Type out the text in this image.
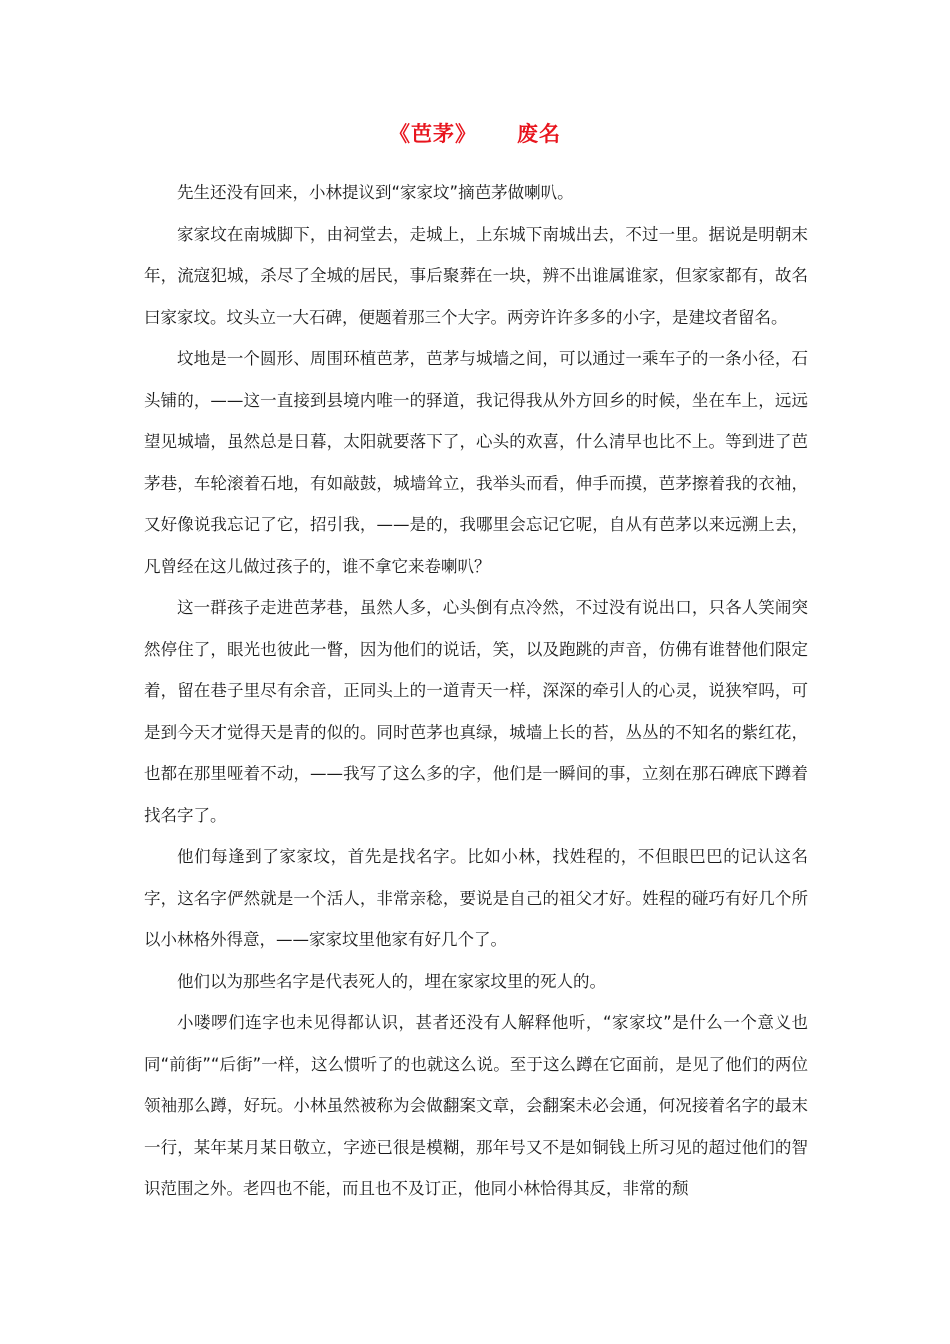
《芭茅》 废名

先生还没有回来，小林提议到“家家坟”摘芭茅做喇叭。

家家坟在南城脚下，由祠堂去，走城上，上东城下南城出去，不过一里。据说是明朝末年，流寇犯城，杀尽了全城的居民，事后聚葬在一块，辨不出谁属谁家，但家家都有，故名曰家家坟。坟头立一大石碑，便题着那三个大字。两旁许许多多的小字，是建坟者留名。

坟地是一个圆形、周围环植芭茅，芭茅与城墙之间，可以通过一乘车子的一条小径，石头铺的，——这一直接到县境内唯一的驿道，我记得我从外方回乡的时候，坐在车上，远远望见城墙，虽然总是日暮，太阳就要落下了，心头的欢喜，什么清早也比不上。等到进了芭茅巷，车轮滚着石地，有如敲鼓，城墙耸立，我举头而看，伸手而摸，芭茅擦着我的衣袖，又好像说我忘记了它，招引我，——是的，我哪里会忘记它呢，自从有芭茅以来远溯上去，凡曾经在这儿做过孩子的，谁不拿它来卷喇叭？

这一群孩子走进芭茅巷，虽然人多，心头倒有点冷然，不过没有说出口，只各人笑闹突然停住了，眼光也彼此一瞥，因为他们的说话，笑，以及跑跳的声音，仿佛有谁替他们限定着，留在巷子里尽有余音，正同头上的一道青天一样，深深的牵引人的心灵，说狭窄吗，可是到今天才觉得天是青的似的。同时芭茅也真绿，城墙上长的苔，丛丛的不知名的紫红花，也都在那里哑着不动，——我写了这么多的字，他们是一瞬间的事，立刻在那石碑底下蹲着找名字了。

他们每逢到了家家坟，首先是找名字。比如小林，找姓程的，不但眼巴巴的记认这名字，这名字俨然就是一个活人，非常亲稔，要说是自己的祖父才好。姓程的碰巧有好几个所以小林格外得意，——家家坟里他家有好几个了。

他们以为那些名字是代表死人的，埋在家家坟里的死人的。

小喽啰们连字也未见得都认识，甚者还没有人解释他听，“家家坟”是什么一个意义也同“前街”“后街”一样，这么惯听了的也就这么说。至于这么蹲在它面前，是见了他们的两位领袖那么蹲，好玩。小林虽然被称为会做翻案文章，会翻案未必会通，何况接着名字的最末一行，某年某月某日敬立，字迹已很是模糊，那年号又不是如铜钱上所习见的超过他们的智识范围之外。老四也不能，而且也不及订正，他同小林恰得其反，非常的颓
